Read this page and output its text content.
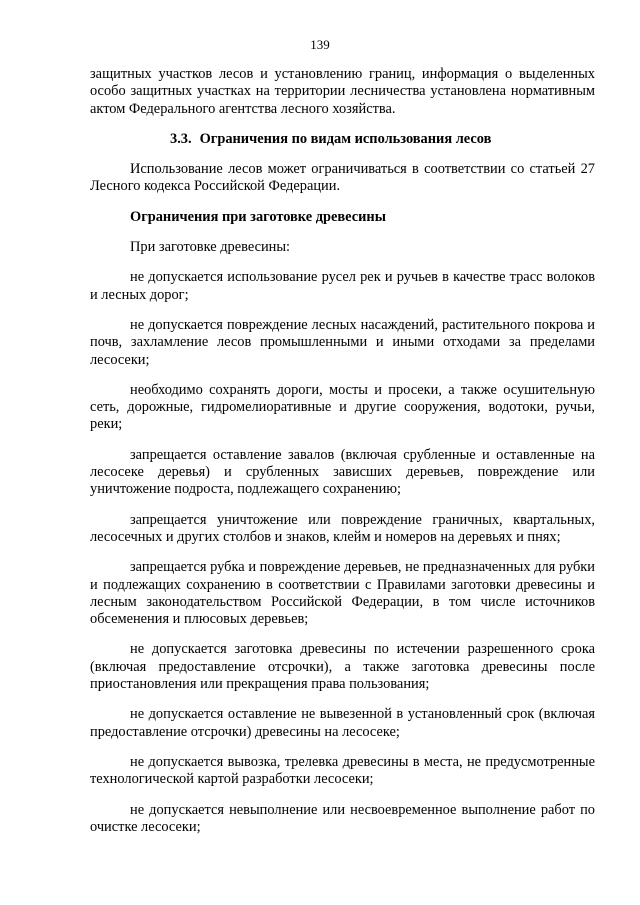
139

защитных участков лесов и установлению границ, информация о выделенных особо защитных участках на территории лесничества установлена нормативным актом Федерального агентства лесного хозяйства.

3.3. Ограничения по видам использования лесов

Использование лесов может ограничиваться в соответствии со статьей 27 Лесного кодекса Российской Федерации.

Ограничения при заготовке древесины

При заготовке древесины:

не допускается использование русел рек и ручьев в качестве трасс волоков и лесных дорог;

не допускается повреждение лесных насаждений, растительного покрова и почв, захламление лесов промышленными и иными отходами за пределами лесосеки;

необходимо сохранять дороги, мосты и просеки, а также осушительную сеть, дорожные, гидромелиоративные и другие сооружения, водотоки, ручьи, реки;

запрещается оставление завалов (включая срубленные и оставленные на лесосеке деревья) и срубленных зависших деревьев, повреждение или уничтожение подроста, подлежащего сохранению;

запрещается уничтожение или повреждение граничных, квартальных, лесосечных и других столбов и знаков, клейм и номеров на деревьях и пнях;

запрещается рубка и повреждение деревьев, не предназначенных для рубки и подлежащих сохранению в соответствии с Правилами заготовки древесины и лесным законодательством Российской Федерации, в том числе источников обсеменения и плюсовых деревьев;

не допускается заготовка древесины по истечении разрешенного срока (включая предоставление отсрочки), а также заготовка древесины после приостановления или прекращения права пользования;

не допускается оставление не вывезенной в установленный срок (включая предоставление отсрочки) древесины на лесосеке;

не допускается вывозка, трелевка древесины в места, не предусмотренные технологической картой разработки лесосеки;

не допускается невыполнение или несвоевременное выполнение работ по очистке лесосеки;
